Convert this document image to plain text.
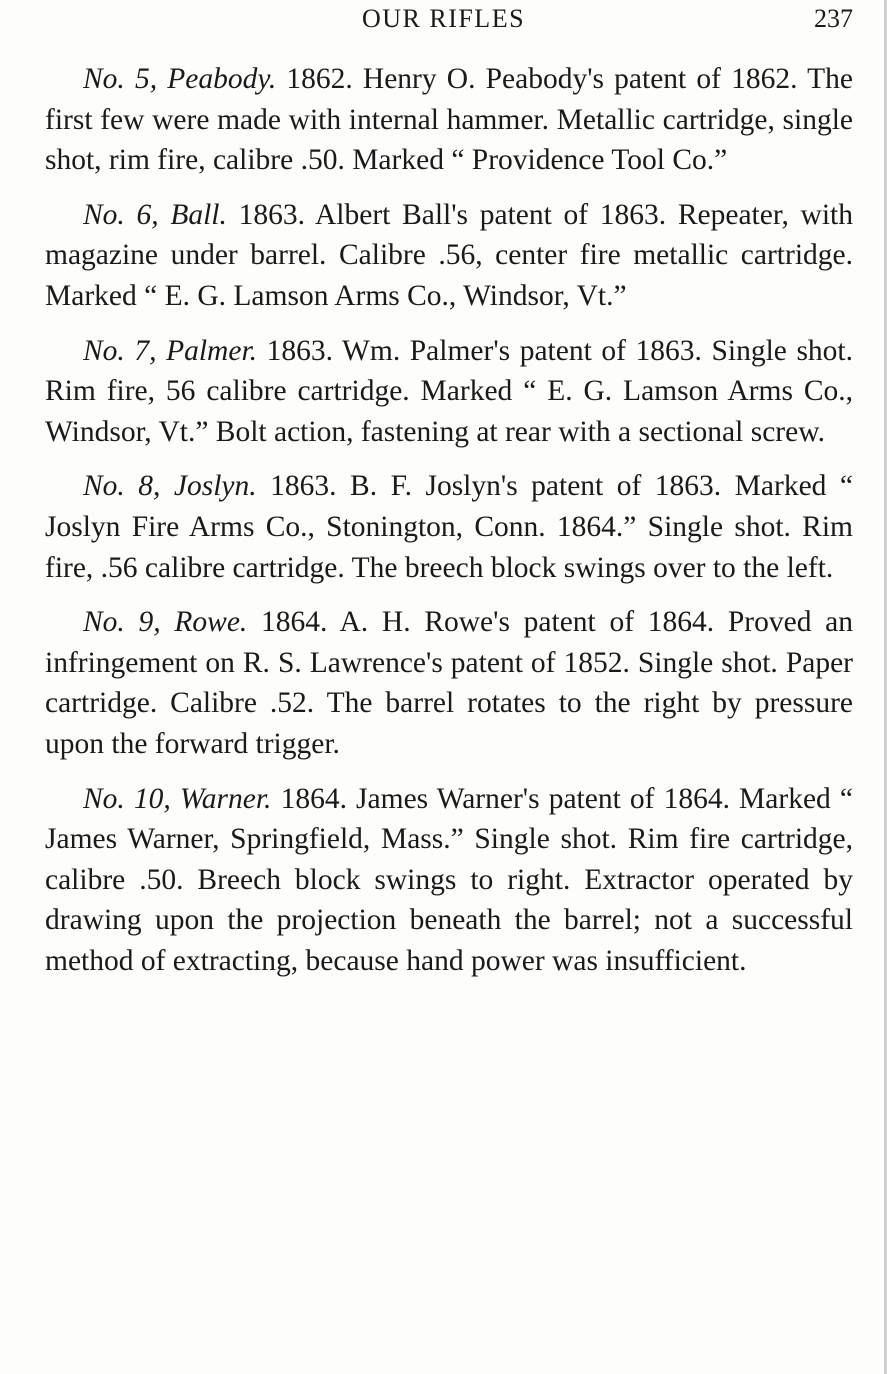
OUR RIFLES	237

No. 5, Peabody. 1862. Henry O. Peabody's patent of 1862. The first few were made with internal hammer. Metallic cartridge, single shot, rim fire, calibre .50. Marked “ Providence Tool Co.”

No. 6, Ball. 1863. Albert Ball's patent of 1863. Repeater, with magazine under barrel. Calibre .56, center fire metallic cartridge. Marked “ E. G. Lamson Arms Co., Windsor, Vt.”

No. 7, Palmer. 1863. Wm. Palmer's patent of 1863. Single shot. Rim fire, 56 calibre cartridge. Marked “ E. G. Lamson Arms Co., Windsor, Vt.” Bolt action, fastening at rear with a sectional screw.

No. 8, Joslyn. 1863. B. F. Joslyn's patent of 1863. Marked “ Joslyn Fire Arms Co., Stonington, Conn. 1864.” Single shot. Rim fire, .56 calibre cartridge. The breech block swings over to the left.

No. 9, Rowe. 1864. A. H. Rowe's patent of 1864. Proved an infringement on R. S. Lawrence's patent of 1852. Single shot. Paper cartridge. Calibre .52. The barrel rotates to the right by pressure upon the forward trigger.

No. 10, Warner. 1864. James Warner's patent of 1864. Marked “ James Warner, Springfield, Mass.” Single shot. Rim fire cartridge, calibre .50. Breech block swings to right. Extractor operated by drawing upon the projection beneath the barrel; not a successful method of extracting, because hand power was insufficient.
